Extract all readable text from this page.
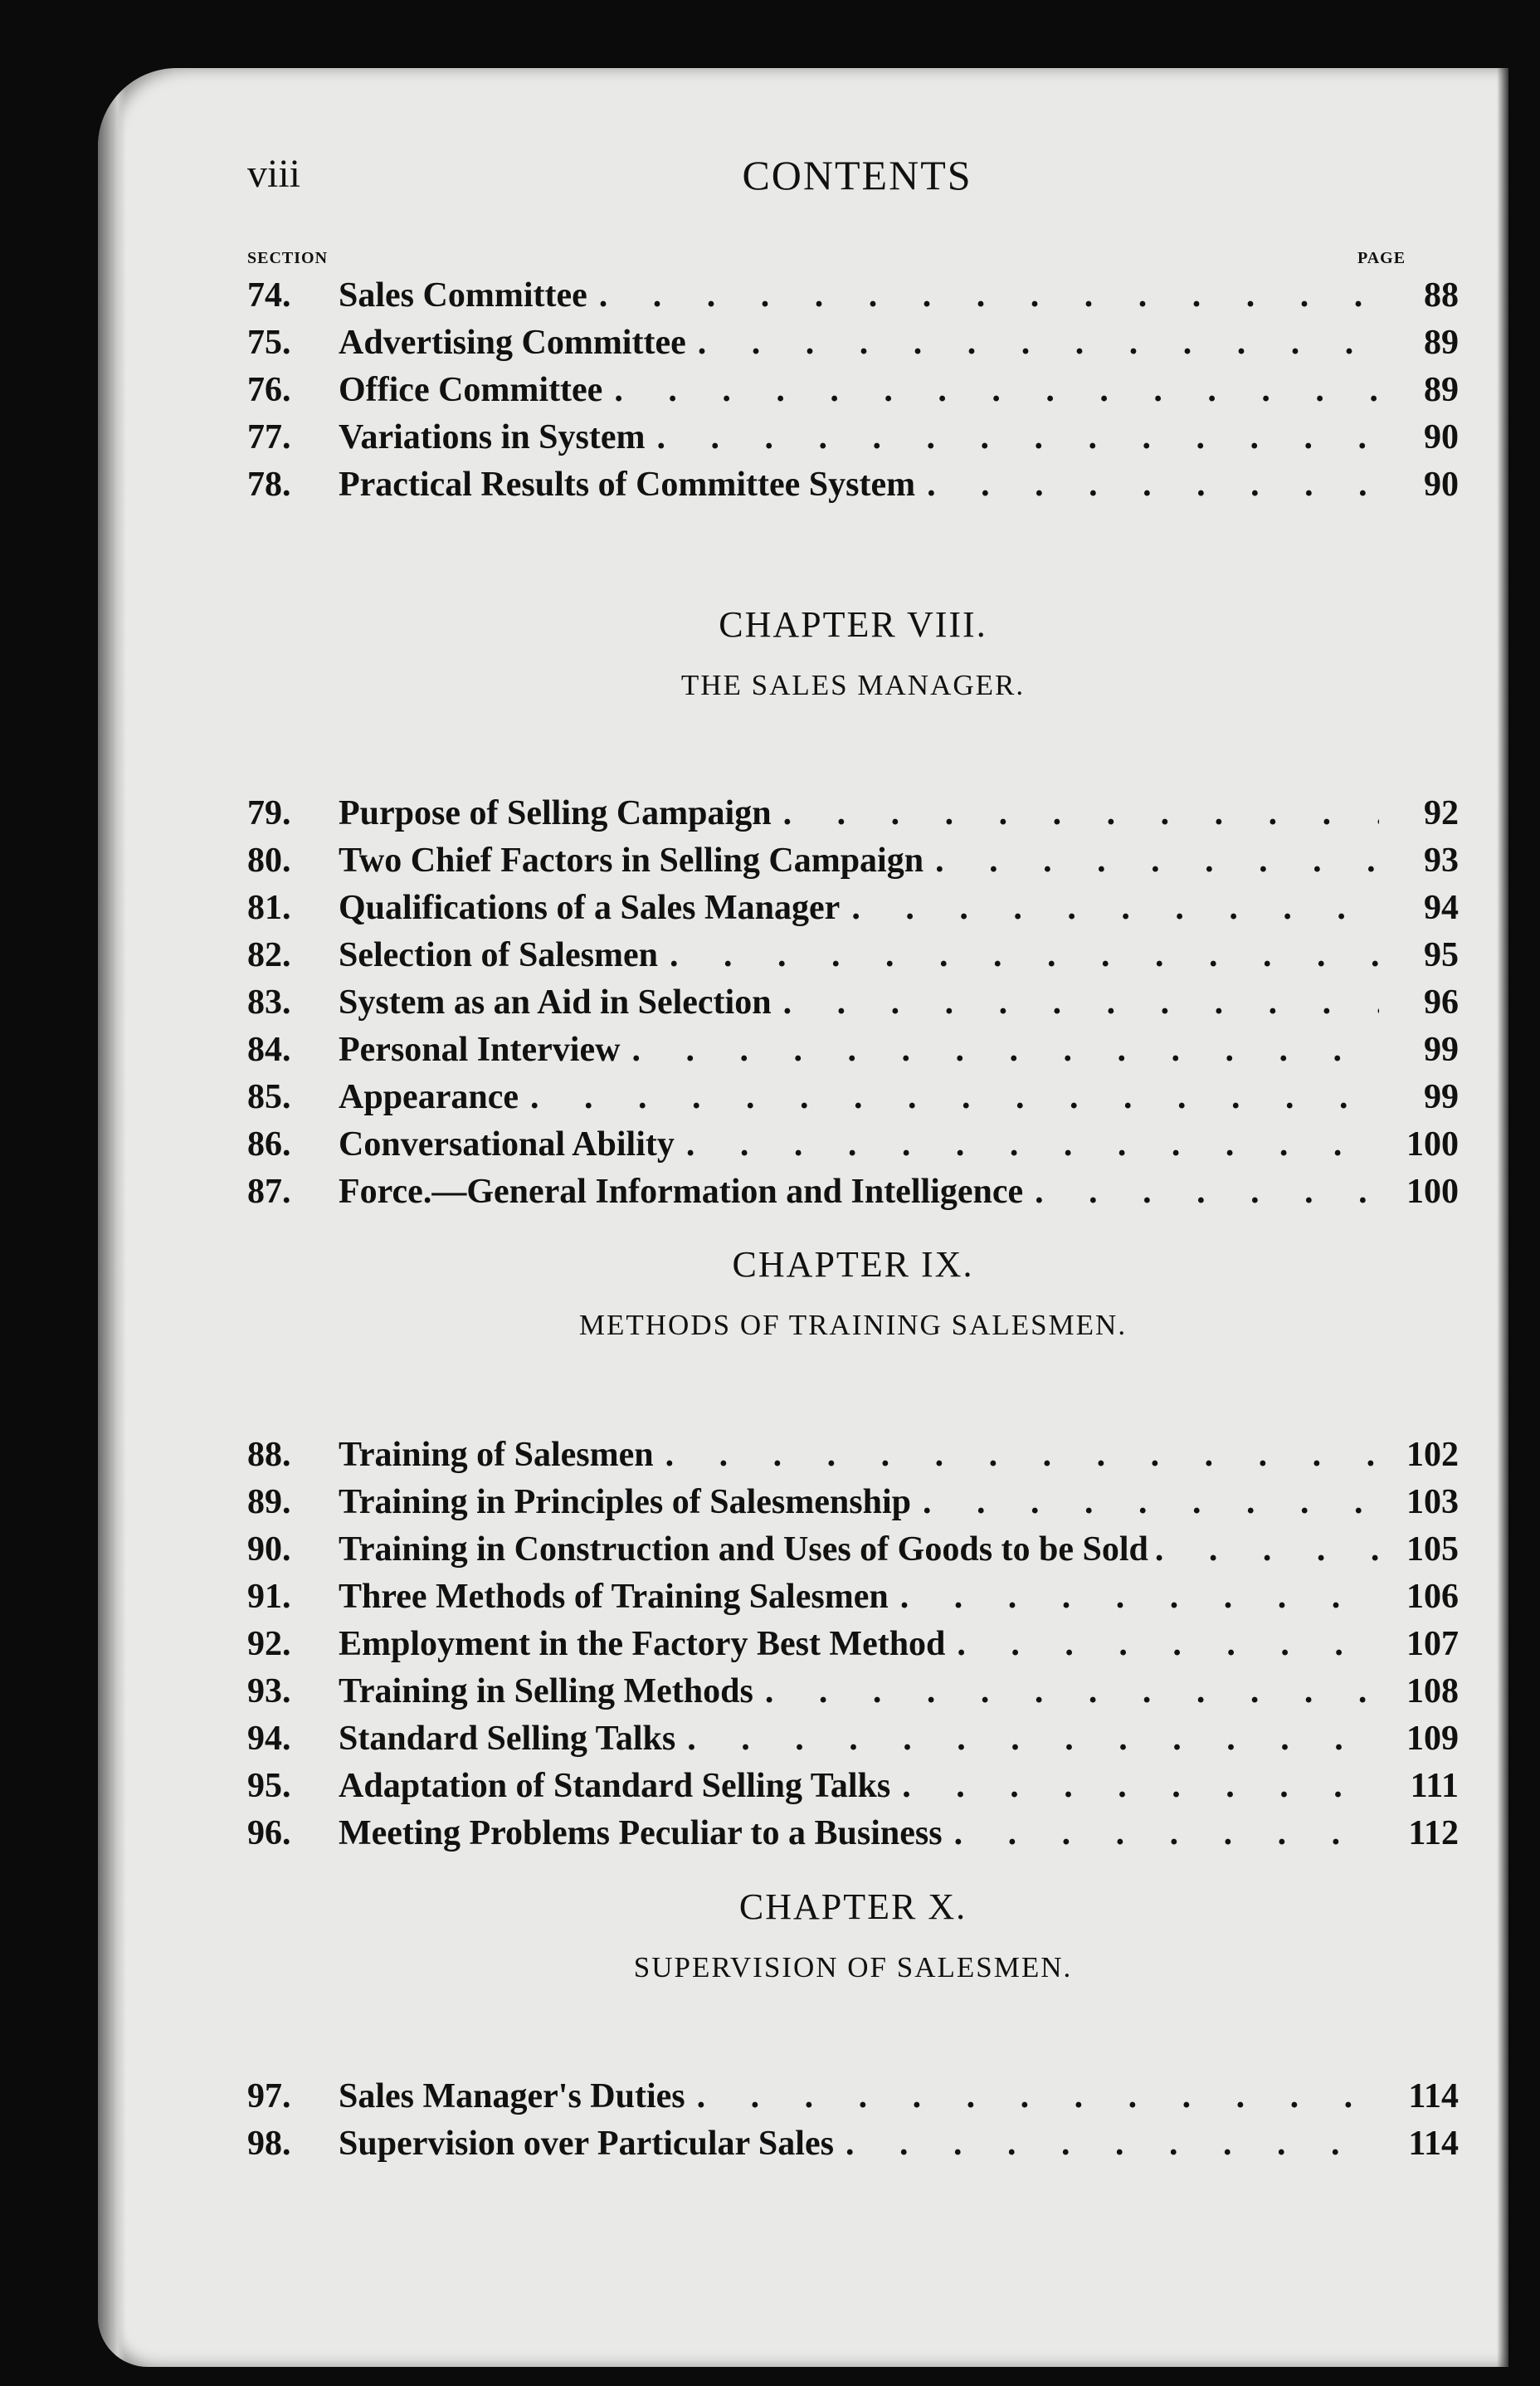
viii	CONTENTS
SECTION	PAGE
74.	Sales Committee . . .	88
75.	Advertising Committee . . .	89
76.	Office Committee . . .	89
77.	Variations in System . . .	90
78.	Practical Results of Committee System . . .	90
CHAPTER VIII.
THE SALES MANAGER.
79.	Purpose of Selling Campaign . . .	92
80.	Two Chief Factors in Selling Campaign . . .	93
81.	Qualifications of a Sales Manager . . .	94
82.	Selection of Salesmen . . .	95
83.	System as an Aid in Selection . . .	96
84.	Personal Interview . . .	99
85.	Appearance . . .	99
86.	Conversational Ability . . .	100
87.	Force.—General Information and Intelligence . . .	100
CHAPTER IX.
METHODS OF TRAINING SALESMEN.
88.	Training of Salesmen . . .	102
89.	Training in Principles of Salesmenship . . .	103
90.	Training in Construction and Uses of Goods to be Sold . . .	105
91.	Three Methods of Training Salesmen . . .	106
92.	Employment in the Factory Best Method . . .	107
93.	Training in Selling Methods . . .	108
94.	Standard Selling Talks . . .	109
95.	Adaptation of Standard Selling Talks . . .	111
96.	Meeting Problems Peculiar to a Business . . .	112
CHAPTER X.
SUPERVISION OF SALESMEN.
97.	Sales Manager's Duties . . .	114
98.	Supervision over Particular Sales . . .	114
